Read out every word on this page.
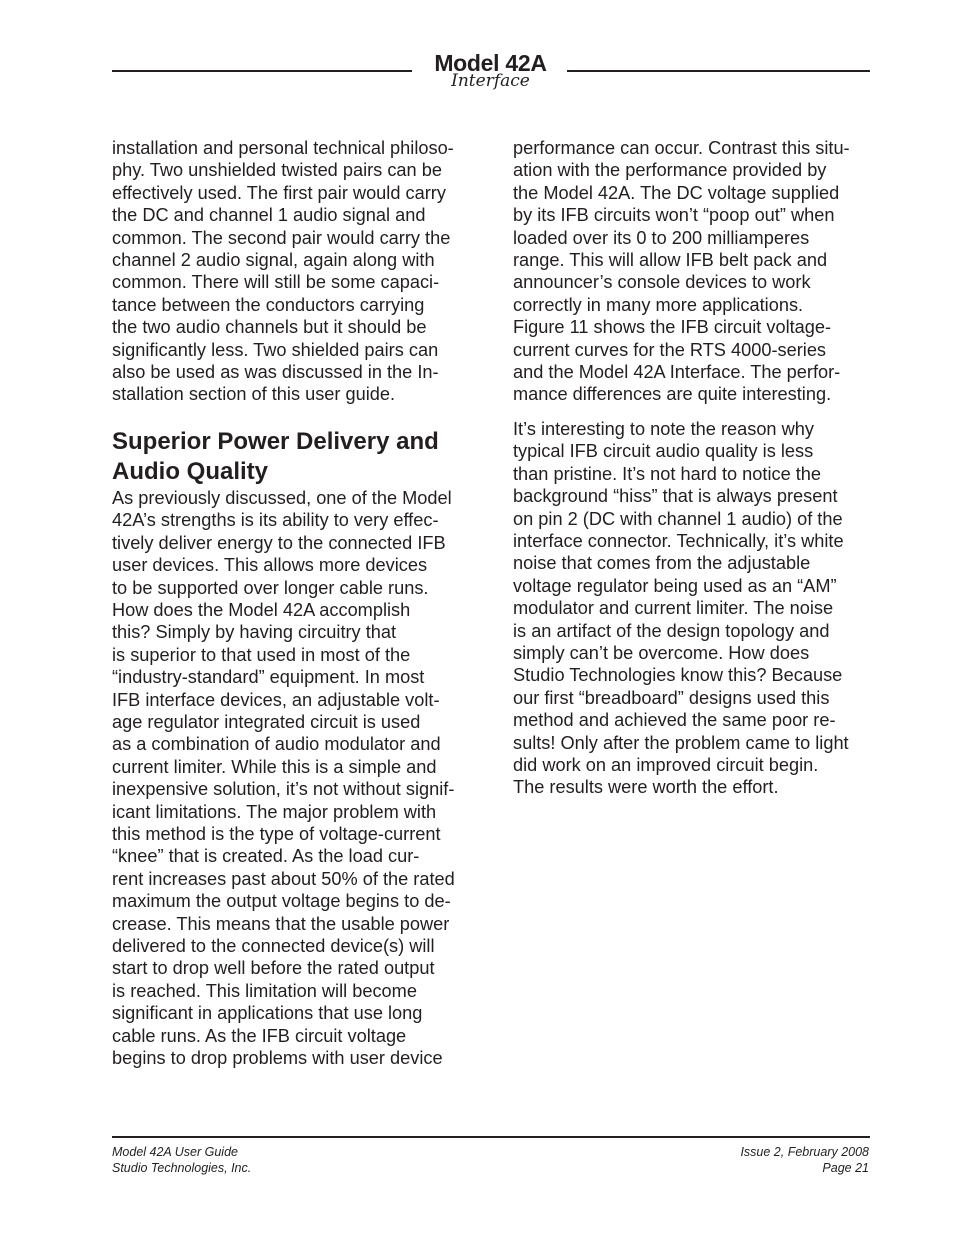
Model 42A
Interface
installation and personal technical philoso-
phy. Two unshielded twisted pairs can be
effectively used. The first pair would carry
the DC and channel 1 audio signal and
common. The second pair would carry the
channel 2 audio signal, again along with
common. There will still be some capaci-
tance between the conductors carrying
the two audio channels but it should be
significantly less. Two shielded pairs can
also be used as was discussed in the In-
stallation section of this user guide.
Superior Power Delivery and
Audio Quality
As previously discussed, one of the Model
42A’s strengths is its ability to very effec-
tively deliver energy to the connected IFB
user devices. This allows more devices
to be supported over longer cable runs.
How does the Model 42A accomplish
this? Simply by having circuitry that
is superior to that used in most of the
“industry-standard” equipment. In most
IFB interface devices, an adjustable volt-
age regulator integrated circuit is used
as a combination of audio modulator and
current limiter. While this is a simple and
inexpensive solution, it’s not without signif-
icant limitations. The major problem with
this method is the type of voltage-current
“knee” that is created. As the load cur-
rent increases past about 50% of the rated
maximum the output voltage begins to de-
crease. This means that the usable power
delivered to the connected device(s) will
start to drop well before the rated output
is reached. This limitation will become
significant in applications that use long
cable runs. As the IFB circuit voltage
begins to drop problems with user device
performance can occur. Contrast this situ-
ation with the performance provided by
the Model 42A. The DC voltage supplied
by its IFB circuits won’t “poop out” when
loaded over its 0 to 200 milliamperes
range. This will allow IFB belt pack and
announcer’s console devices to work
correctly in many more applications.
Figure 11 shows the IFB circuit voltage-
current curves for the RTS 4000-series
and the Model 42A Interface. The perfor-
mance differences are quite interesting.
It’s interesting to note the reason why
typical IFB circuit audio quality is less
than pristine. It’s not hard to notice the
background “hiss” that is always present
on pin 2 (DC with channel 1 audio) of the
interface connector. Technically, it’s white
noise that comes from the adjustable
voltage regulator being used as an “AM”
modulator and current limiter. The noise
is an artifact of the design topology and
simply can’t be overcome. How does
Studio Technologies know this? Because
our first “breadboard” designs used this
method and achieved the same poor re-
sults! Only after the problem came to light
did work on an improved circuit begin.
The results were worth the effort.
Model 42A User Guide
Studio Technologies, Inc.
Issue 2, February 2008
Page 21
